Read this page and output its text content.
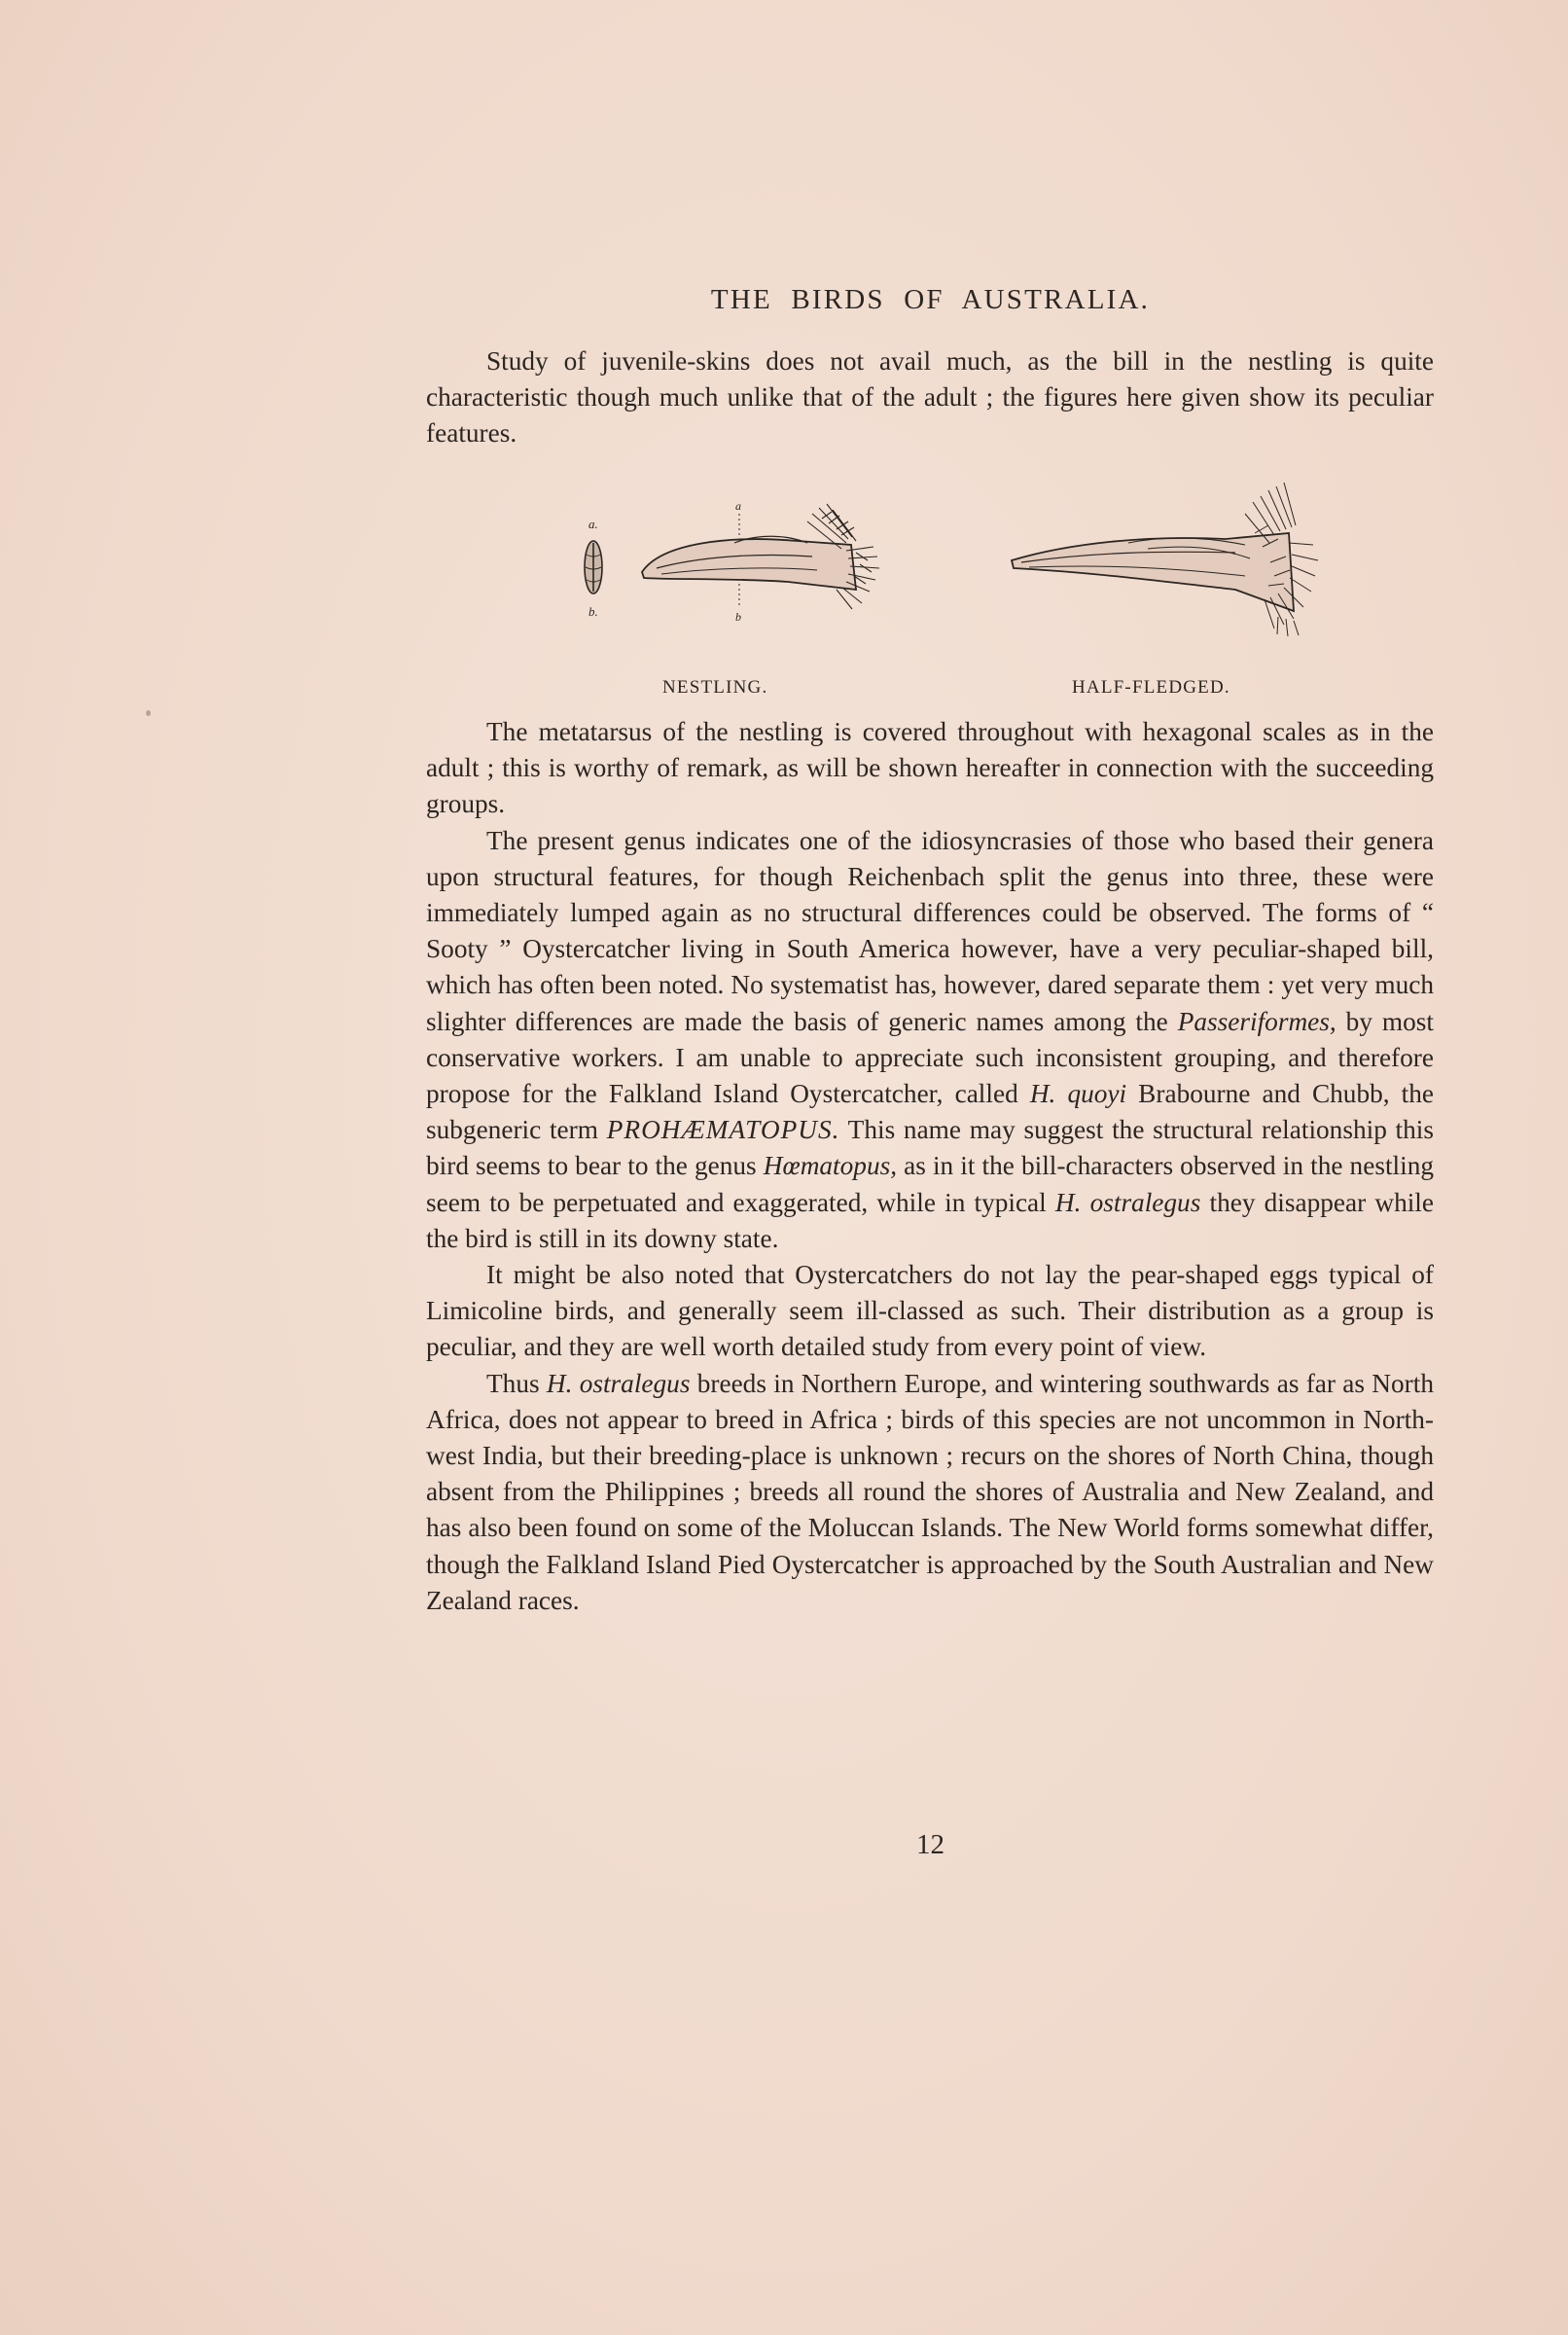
THE BIRDS OF AUSTRALIA.

Study of juvenile-skins does not avail much, as the bill in the nestling is quite characteristic though much unlike that of the adult ; the figures here given show its peculiar features.

a.
b.
a
b
NESTLING.	HALF-FLEDGED.

The metatarsus of the nestling is covered throughout with hexagonal scales as in the adult ; this is worthy of remark, as will be shown hereafter in connection with the succeeding groups.

The present genus indicates one of the idiosyncrasies of those who based their genera upon structural features, for though Reichenbach split the genus into three, these were immediately lumped again as no structural differences could be observed. The forms of “ Sooty ” Oystercatcher living in South America however, have a very peculiar-shaped bill, which has often been noted. No systematist has, however, dared separate them : yet very much slighter differences are made the basis of generic names among the Passeriformes, by most conservative workers. I am unable to appreciate such inconsistent grouping, and therefore propose for the Falkland Island Oystercatcher, called H. quoyi Brabourne and Chubb, the subgeneric term PROHÆMATOPUS. This name may suggest the structural relationship this bird seems to bear to the genus Hœmatopus, as in it the bill-characters observed in the nestling seem to be perpetuated and exaggerated, while in typical H. ostralegus they disappear while the bird is still in its downy state.

It might be also noted that Oystercatchers do not lay the pear-shaped eggs typical of Limicoline birds, and generally seem ill-classed as such. Their distribution as a group is peculiar, and they are well worth detailed study from every point of view.

Thus H. ostralegus breeds in Northern Europe, and wintering southwards as far as North Africa, does not appear to breed in Africa ; birds of this species are not uncommon in North-west India, but their breeding-place is unknown ; recurs on the shores of North China, though absent from the Philippines ; breeds all round the shores of Australia and New Zealand, and has also been found on some of the Moluccan Islands. The New World forms somewhat differ, though the Falkland Island Pied Oystercatcher is approached by the South Australian and New Zealand races.

12
